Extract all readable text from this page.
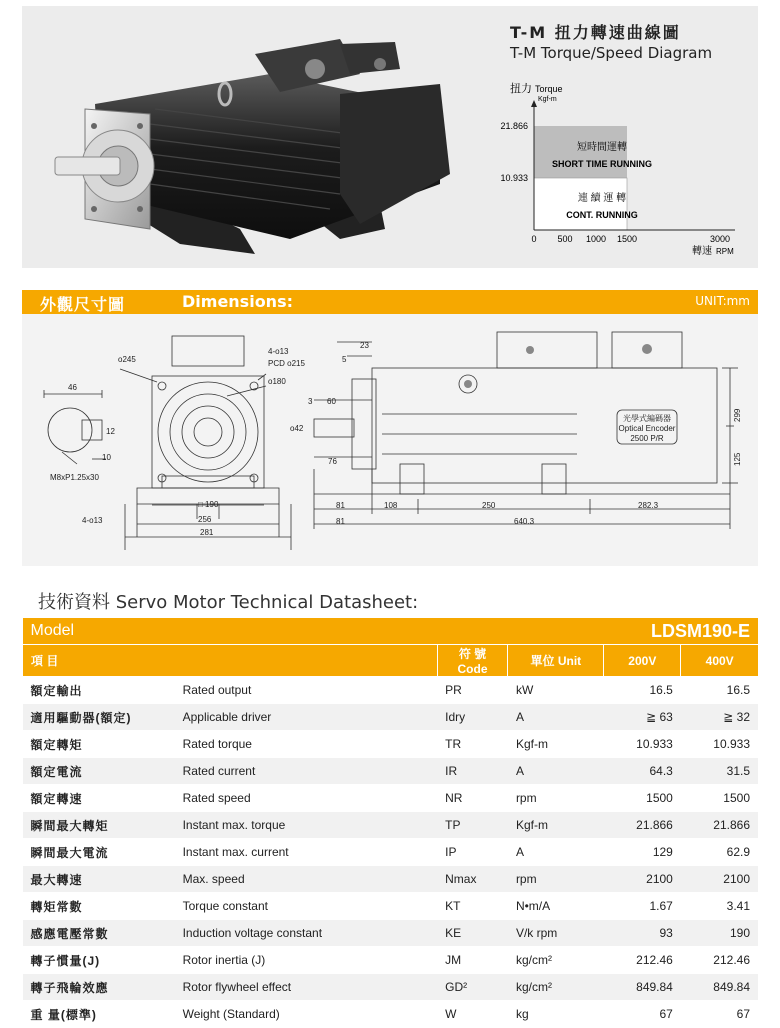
T-M 扭力轉速曲線圖
T-M Torque/Speed Diagram
扭力 Torque
Kgf-m
21.866
10.933
0 500 1000 1500	3000
轉速 RPM
短時間運轉
SHORT TIME RUNNING
連 續 運 轉
CONT. RUNNING
外觀尺寸圖	Dimensions:	UNIT:mm
ο245
4-ο13
PCD ο215
ο180
ο42
46
12
10
M8xP1.25x30
4-ο13
□ 190
256
281
23
5
3 60
76
81	108	250	282.3
81	640.3
299
125
光學式編碼器
Optical Encoder
2500 P/R
技術資料 Servo Motor Technical Datasheet:
Model				LDSM190-E	
項 目		符 號 Code	單位 Unit	200V	400V
額定輸出	Rated output	PR	kW	16.5	16.5
適用驅動器(額定)	Applicable driver	Idry	A	≧ 63	≧ 32
額定轉矩	Rated torque	TR	Kgf-m	10.933	10.933
額定電流	Rated current	IR	A	64.3	31.5
額定轉速	Rated speed	NR	rpm	1500	1500
瞬間最大轉矩	Instant max. torque	TP	Kgf-m	21.866	21.866
瞬間最大電流	Instant max. current	IP	A	129	62.9
最大轉速	Max. speed	Nmax	rpm	2100	2100
轉矩常數	Torque constant	KT	N•m/A	1.67	3.41
感應電壓常數	Induction voltage constant	KE	V/k rpm	93	190
轉子慣量(J)	Rotor inertia (J)	JM	kg/cm²	212.46	212.46
轉子飛輪效應	Rotor flywheel effect	GD²	kg/cm²	849.84	849.84
重 量(標準)	Weight (Standard)	W	kg	67	67
